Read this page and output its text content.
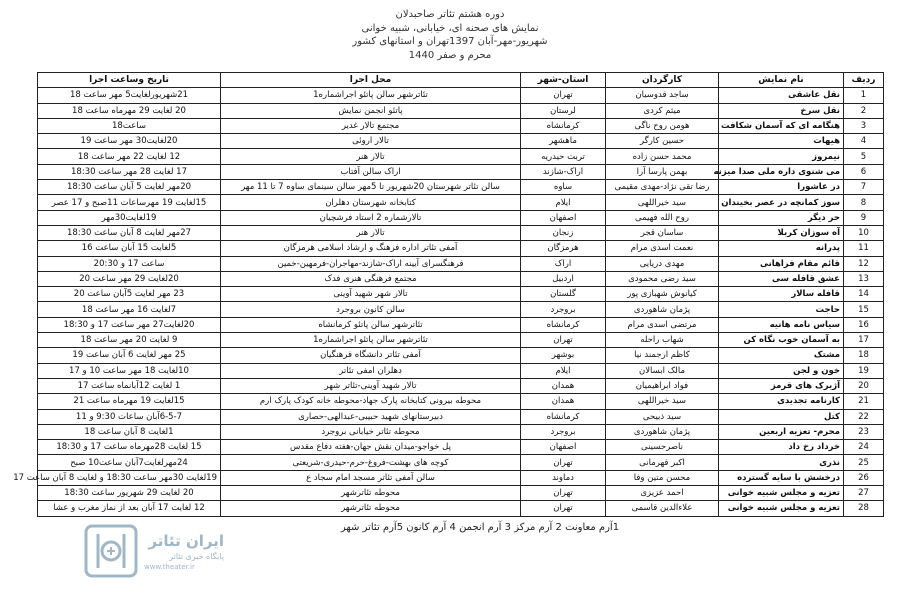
دوره هشتم تئاتر صاحبدلان
نمایش های صحنه ای، خیابانی، شبیه خوانی
شهریور-مهر-آبان 1397تهران و استانهای کشور
محرم و صفر 1440
ردیف	نام نمایش	کارگردان	استان-شهر	محل اجرا	تاریخ وساعت اجرا
1	نقل عاشقی	ساجد قدوسیان	تهران	تئاترشهر سالن پاتئو اجراشماره1	21شهریورلغایت5 مهر ساعت 18
2	نقل سرخ	میثم کردی	لرستان	پاتئو انجمن نمایش	20 لغایت 29 مهرماه ساعت 18
3	هنگامه ای که آسمان شکافت	هومن روح ناگی	کرمانشاه	مجتمع تالار غدیر	ساعت18
4	هیهات	حسین کارگر	ماهشهر	تالار اروئی	20لغایت30 مهر ساعت 19
5	نیمروز	محمد حسن زاده	تربت حیدریه	تالار هنر	12 لغایت 22 مهر ساعت 18
6	می شنوی داره ملی صدا میزنه	بهمن پارسا آرا	اراک-شازند	اراک سالن آفتاب	17 لغایت 28 مهر ساعت 18:30
7	در عاشورا	رضا تقی نژاد-مهدی مقیمی	ساوه	سالن تئاتر شهرستان 20شهریور تا 5مهر سالن سینمای ساوه 7 تا 11 مهر	20مهر لغایت 5 آبان ساعت 18:30
8	سوز کمانچه در عصر بخیندان	سید خیراللهی	ایلام	کتابخانه شهرستان دهلران	15لغایت 19 مهرساعات 11صبح و 17 عصر
9	حر دیگر	روح الله فهیمی	اصفهان	تالارشماره 2 استاد فرشچیان	19لغایت30مهر
10	آه سوزان کربلا	ساسان قجر	زنجان	تالار هنر	27مهر لغایت 8 آبان ساعت 18:30
11	پدرانه	نعمت اسدی مرام	هرمزگان	آمفی تئاتر اداره فرهنگ و ارشاد اسلامی هرمزگان	5لغایت 15 آبان ساعت 16
12	قائم مقام فراهانی	مهدی دریایی	اراک	فرهنگسرای آیینه اراک-شازند-مهاجران-فرمهین-خمین	ساعت 17 و 20:30
13	عشق قافله سی	سید رضی محمودی	اردبیل	مجتمع فرهنگی هنری فدک	20لغایت 29 مهر ساعت 20
14	قافله سالار	کیانوش شهبازی پور	گلستان	تالار شهر شهید آوینی	23 مهر لغایت 5آبان ساعت 20
15	حاجت	پژمان شاهوردی	بروجرد	سالن کانون بروجرد	7لغایت 16 مهر ساعت 18
16	سیاس نامه هانیه	مرتضی اسدی مرام	کرمانشاه	تئاترشهر سالن پاتئو کرمانشاه	20لغایت27 مهر ساعت 17 و 18:30
17	به آسمان خوب نگاه کن	شهاب راحله	تهران	تئاترشهر سالن پاتئو اجراشماره1	9 لغایت 20 مهر ساعت 18
18	مشتک	کاظم ارجمند نیا	بوشهر	آمفی تئاتر دانشگاه فرهنگیان	25 مهر لغایت 6 آبان ساعت 19
19	خون و لجن	مالک ابسالان	ایلام	دهلران امفی تئاتر	10لغایت 18 مهر ساعت 10 و 17
20	آژیرک های قرمز	فواد ابراهیمیان	همدان	تالار شهید آوینی-تئاتر شهر	1 لغایت 12آبانماه ساعت 17
21	کارنامه تجدیدی	سید خیراللهی	همدان	محوطه بیرونی کتابخانه پارک جهاد-محوطه خانه کودک پارک ارم	15لغایت 19 مهرماه ساعت 21
22	کتل	سید ذبیحی	کرمانشاه	دبیرستانهای شهید حبیبی-عبدالهی-حصاری	6-5-7آبان ساعات 9:30 و 11
23	محرم- تعزیه اربعین	پژمان شاهوردی	بروجرد	محوطه تئاتر خیابانی بروجرد	1لغایت 8 آبان ساعت 18
24	خرداد رخ داد	ناصرحسینی	اصفهان	پل خواجو-میدان نقش جهان-هفته دفاع مقدس	15 لغایت 28مهرماه ساعت 17 و 18:30
25	نذری	اکبر قهرمانی	تهران	کوچه های بهشت-فروغ-حرم-حیدری-شریعتی	24مهرلغایت7آبان ساعت10 صبح
26	درخشش با سایه گسترده	محسن متین وفا	دماوند	سالن آمفی تئاتر مسجد امام سجاد ع	19لغایت 30مهر ساعت 18:30 و لغایت 8 آبان ساعت 17
27	تعزیه و مجلس شبیه خوانی	احمد عزیزی	تهران	محوطه تئاترشهر	20 لغایت 29 شهریور ساعت 18:30
28	تعزیه و مجلس شبیه خوانی	علاءالدین قاسمی	تهران	محوطه تئاترشهر	12 لغایت 17 آبان بعد از نماز مغرب و عشا
1آرم معاونت 2 آرم مرکز 3 آرم انجمن 4 آرم کانون 5آرم تئاتر شهر
ایران تئاتر
پایگاه خبری تئاتر
www.theater.ir
